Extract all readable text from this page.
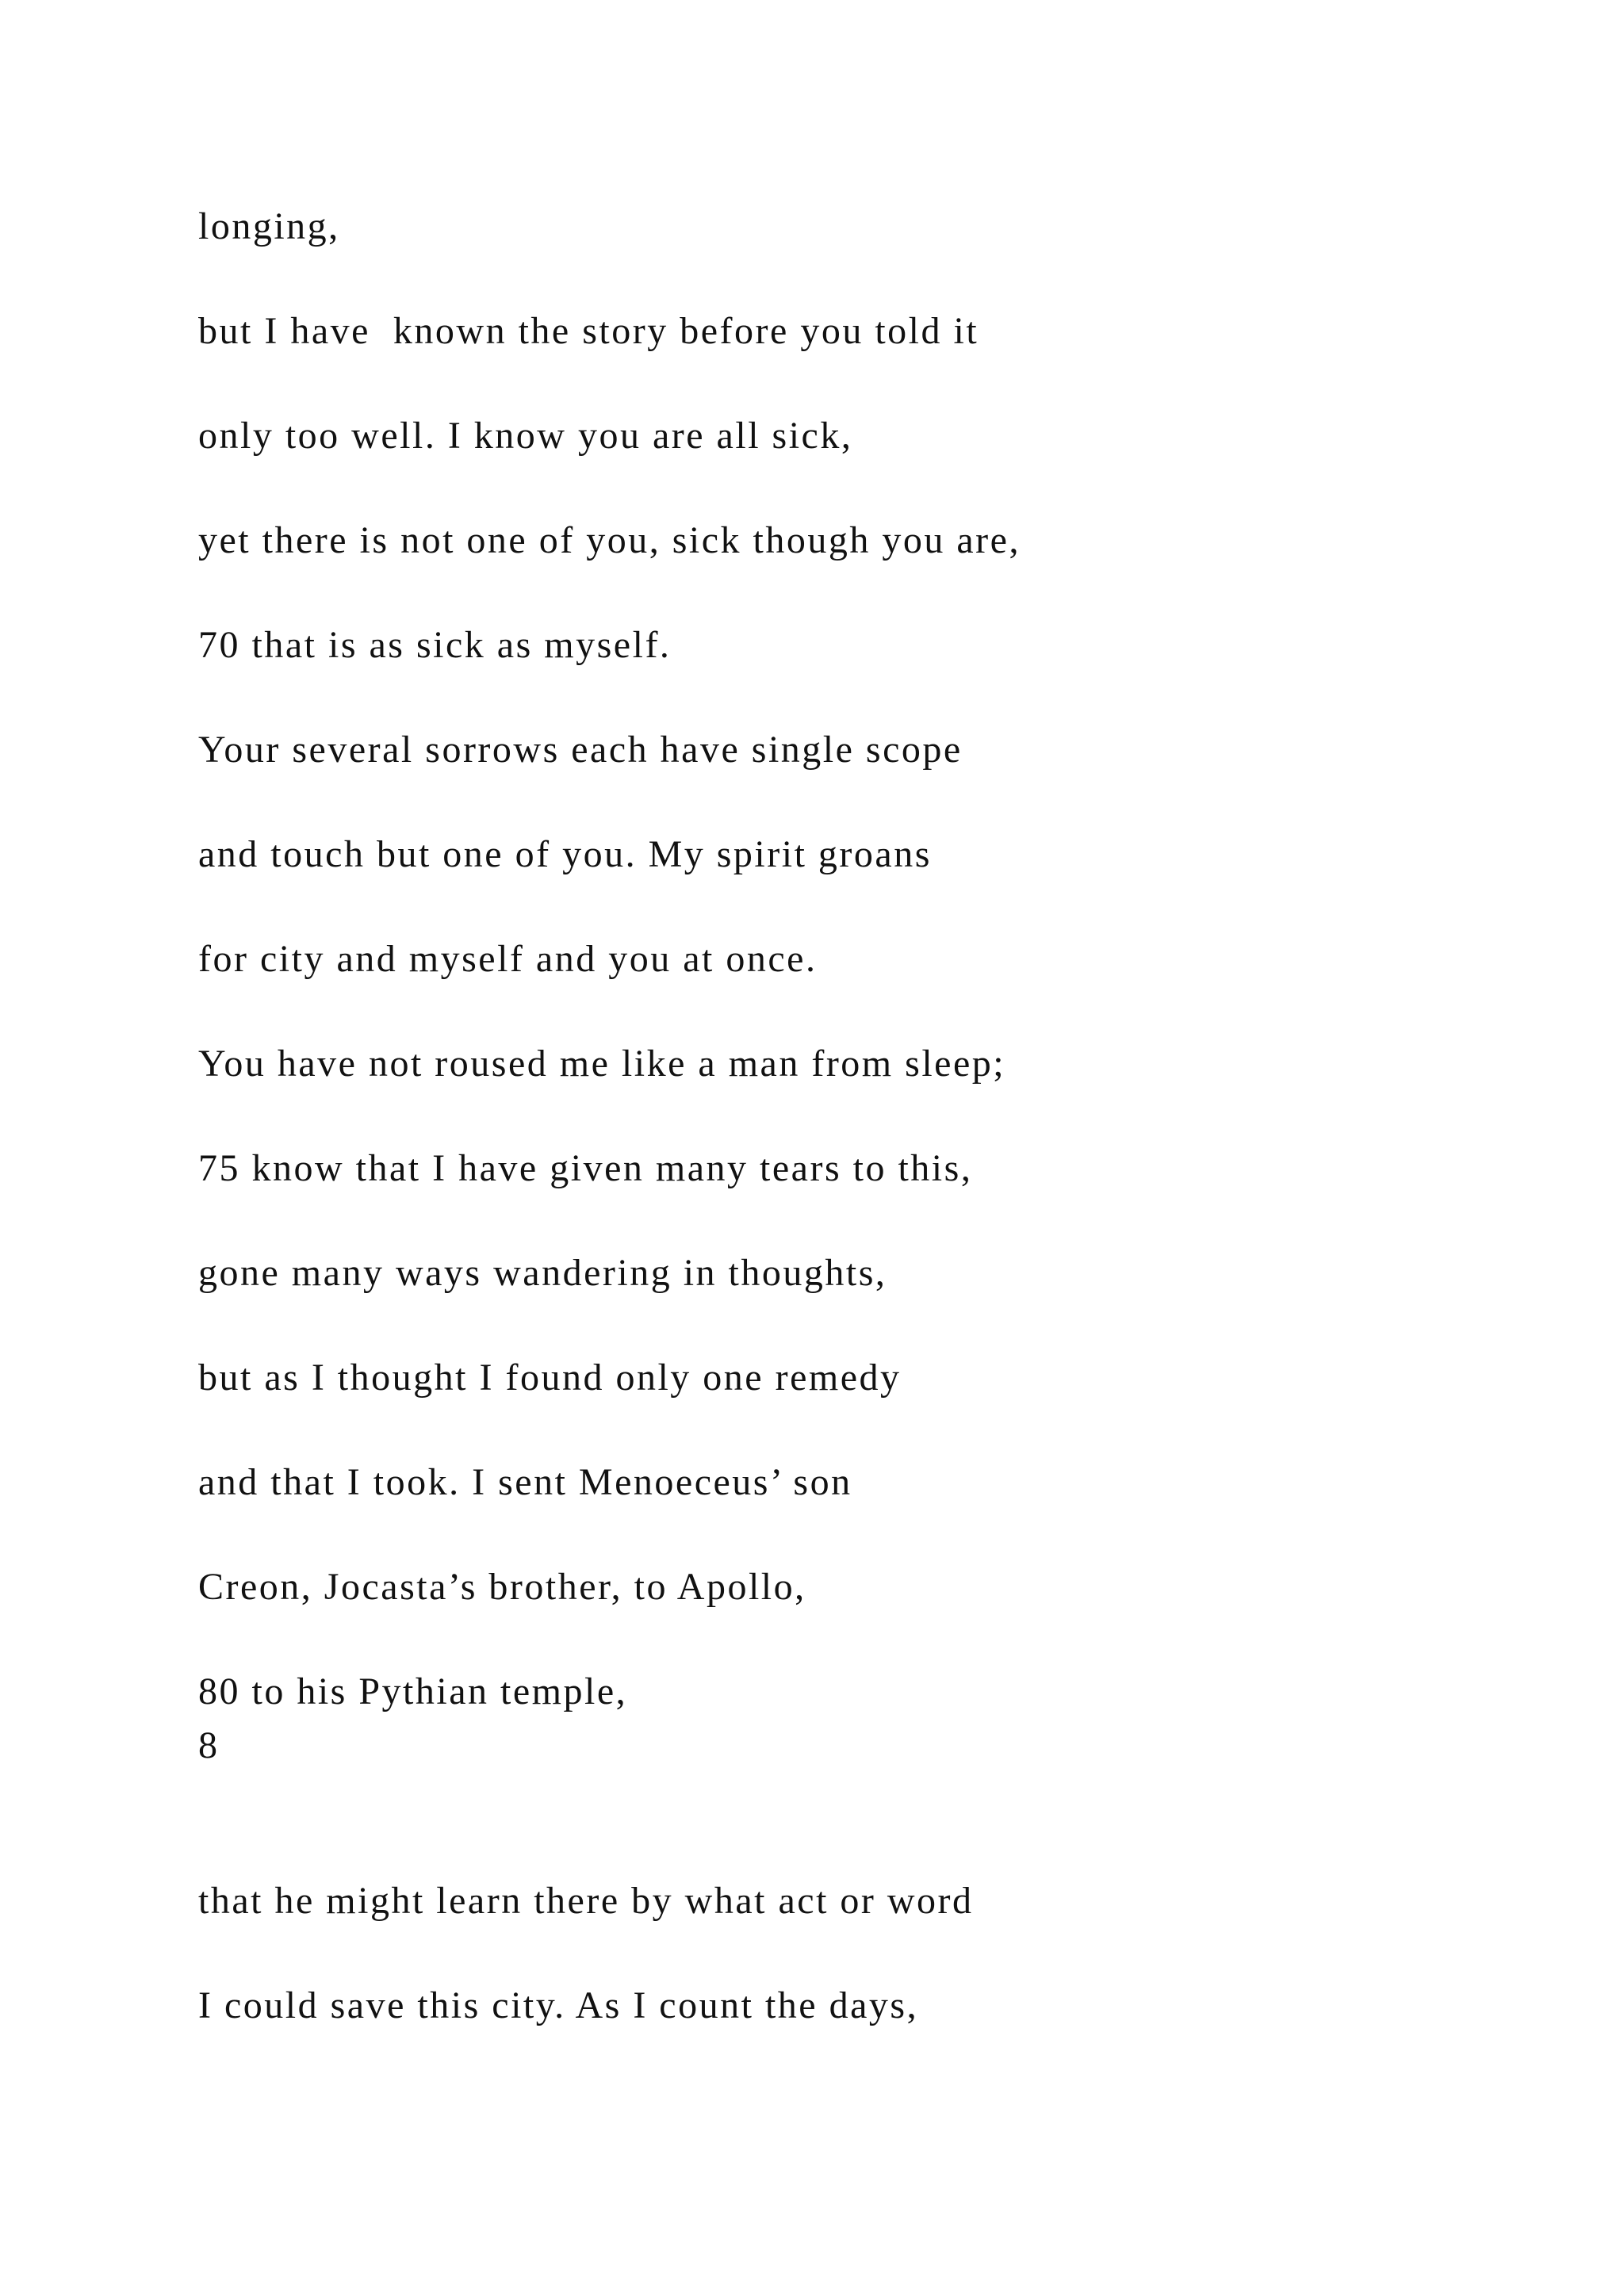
longing,
but I have  known the story before you told it
only too well. I know you are all sick,
yet there is not one of you, sick though you are,
70 that is as sick as myself.
Your several sorrows each have single scope
and touch but one of you. My spirit groans
for city and myself and you at once.
You have not roused me like a man from sleep;
75 know that I have given many tears to this,
gone many ways wandering in thoughts,
but as I thought I found only one remedy
and that I took. I sent Menoeceus’ son
Creon, Jocasta’s brother, to Apollo,
80 to his Pythian temple,
8
that he might learn there by what act or word
I could save this city. As I count the days,
